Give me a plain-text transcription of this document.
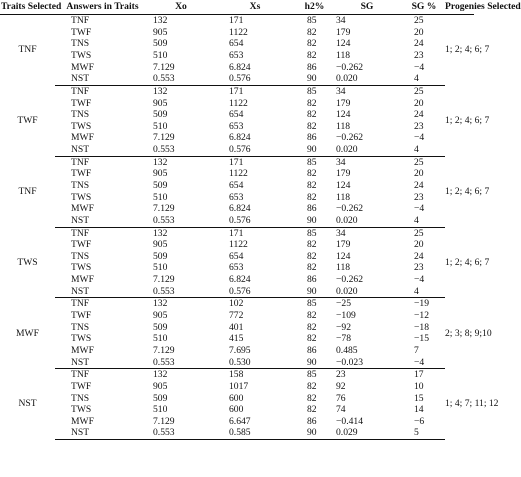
Traits Selected	Answers in Traits	Xo	Xs	h2%	SG	SG %	Progenies Selected
TNF	TNF	132	171	85	34	25	1; 2; 4; 6; 7
	TWF	905	1122	82	179	20	
	TNS	509	654	82	124	24	
	TWS	510	653	82	118	23	
	MWF	7.129	6.824	86	−0.262	−4	
	NST	0.553	0.576	90	0.020	4	
TWF	TNF	132	171	85	34	25	1; 2; 4; 6; 7
	TWF	905	1122	82	179	20	
	TNS	509	654	82	124	24	
	TWS	510	653	82	118	23	
	MWF	7.129	6.824	86	−0.262	−4	
	NST	0.553	0.576	90	0.020	4	
TNF	TNF	132	171	85	34	25	1; 2; 4; 6; 7
	TWF	905	1122	82	179	20	
	TNS	509	654	82	124	24	
	TWS	510	653	82	118	23	
	MWF	7.129	6.824	86	−0.262	−4	
	NST	0.553	0.576	90	0.020	4	
TWS	TNF	132	171	85	34	25	1; 2; 4; 6; 7
	TWF	905	1122	82	179	20	
	TNS	509	654	82	124	24	
	TWS	510	653	82	118	23	
	MWF	7.129	6.824	86	−0.262	−4	
	NST	0.553	0.576	90	0.020	4	
MWF	TNF	132	102	85	−25	−19	2; 3; 8; 9;10
	TWF	905	772	82	−109	−12	
	TNS	509	401	82	−92	−18	
	TWS	510	415	82	−78	−15	
	MWF	7.129	7.695	86	0.485	7	
	NST	0.553	0.530	90	−0.023	−4	
NST	TNF	132	158	85	23	17	1; 4; 7; 11; 12
	TWF	905	1017	82	92	10	
	TNS	509	600	82	76	15	
	TWS	510	600	82	74	14	
	MWF	7.129	6.647	86	−0.414	−6	
	NST	0.553	0.585	90	0.029	5	
